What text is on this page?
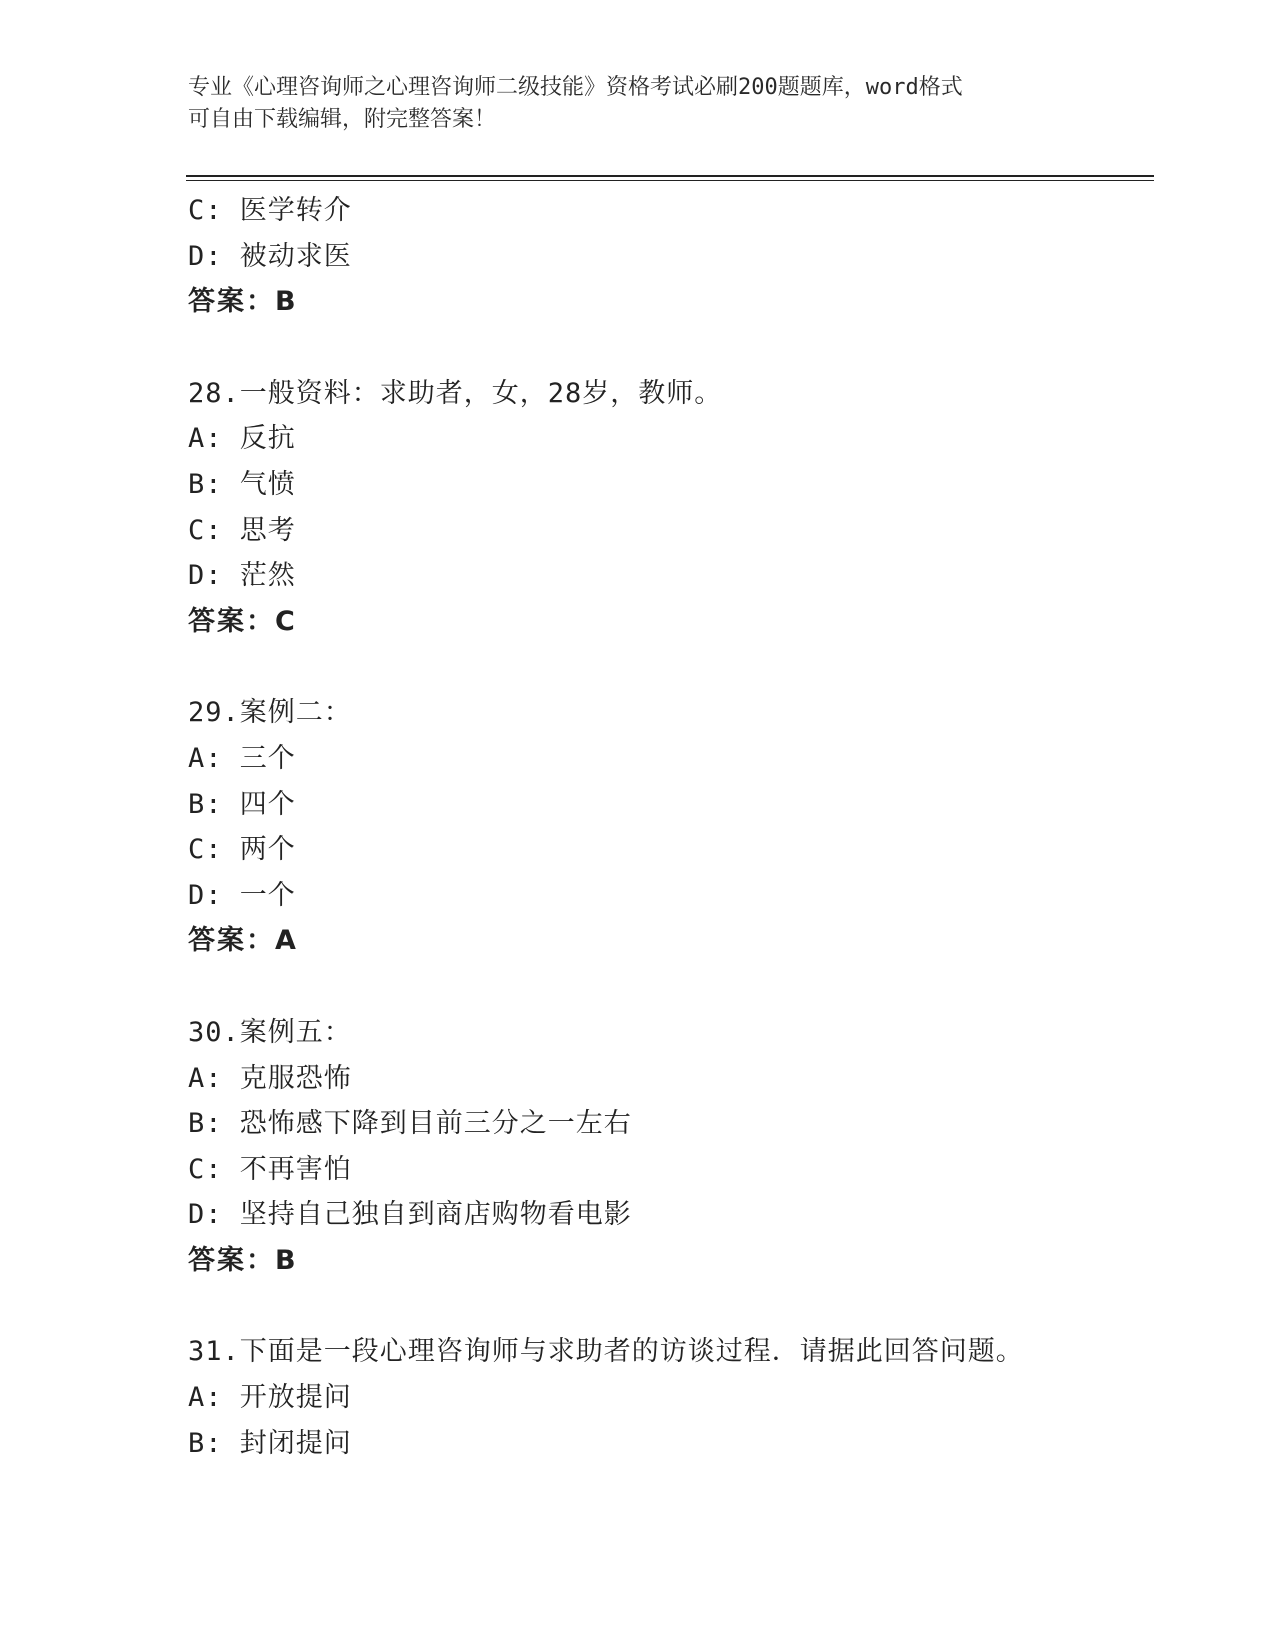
专业《心理咨询师之心理咨询师二级技能》资格考试必刷200题题库，word格式
可自由下载编辑，附完整答案！
C: 医学转介
D: 被动求医
答案：B
28.一般资料：求助者，女，28岁，教师。
A: 反抗
B: 气愤
C: 思考
D: 茫然
答案：C
29.案例二：
A: 三个
B: 四个
C: 两个
D: 一个
答案：A
30.案例五：
A: 克服恐怖
B: 恐怖感下降到目前三分之一左右
C: 不再害怕
D: 坚持自己独自到商店购物看电影
答案：B
31.下面是一段心理咨询师与求助者的访谈过程．请据此回答问题。
A: 开放提问
B: 封闭提问
